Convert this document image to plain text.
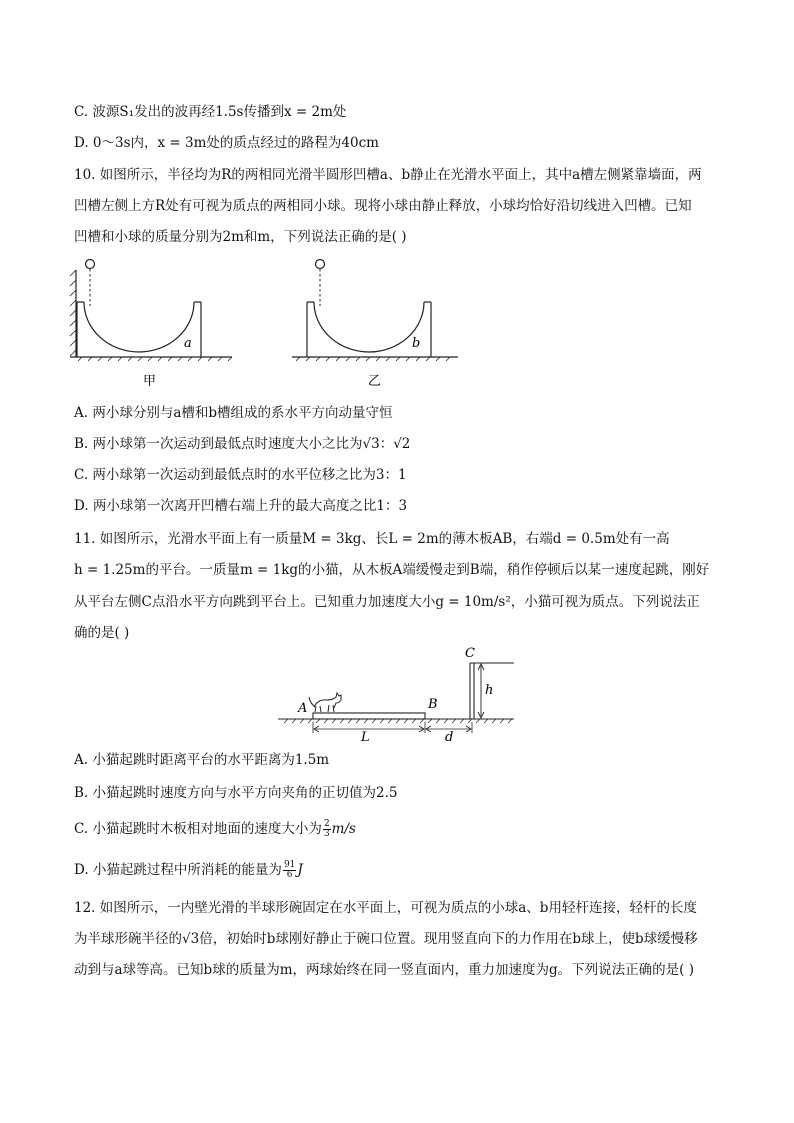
C. 波源S₁发出的波再经1.5s传播到x = 2m处
D. 0～3s内，x = 3m处的质点经过的路程为40cm
10. 如图所示，半径均为R的两相同光滑半圆形凹槽a、b静止在光滑水平面上，其中a槽左侧紧靠墙面，两
凹槽左侧上方R处有可视为质点的两相同小球。现将小球由静止释放，小球均恰好沿切线进入凹槽。已知
凹槽和小球的质量分别为2m和m，下列说法正确的是( )
a
甲
b
乙
A. 两小球分别与a槽和b槽组成的系水平方向动量守恒
B. 两小球第一次运动到最低点时速度大小之比为√3：√2
C. 两小球第一次运动到最低点时的水平位移之比为3：1
D. 两小球第一次离开凹槽右端上升的最大高度之比1：3
11. 如图所示，光滑水平面上有一质量M = 3kg、长L = 2m的薄木板AB，右端d = 0.5m处有一高
h = 1.25m的平台。一质量m = 1kg的小猫，从木板A端缓慢走到B端，稍作停顿后以某一速度起跳，刚好
从平台左侧C点沿水平方向跳到平台上。已知重力加速度大小g = 10m/s²，小猫可视为质点。下列说法正
确的是( )
A	B
C
h
L	d
A. 小猫起跳时距离平台的水平距离为1.5m
B. 小猫起跳时速度方向与水平方向夹角的正切值为2.5
C. 小猫起跳时木板相对地面的速度大小为 $\frac{2}{3} m/s$
D. 小猫起跳过程中所消耗的能量为 $\frac{91}{6}$ J
12. 如图所示，一内壁光滑的半球形碗固定在水平面上，可视为质点的小球a、b用轻杆连接，轻杆的长度
为半球形碗半径的√3倍，初始时b球刚好静止于碗口位置。现用竖直向下的力作用在b球上，使b球缓慢移
动到与a球等高。已知b球的质量为m，两球始终在同一竖直面内，重力加速度为g。下列说法正确的是( )
